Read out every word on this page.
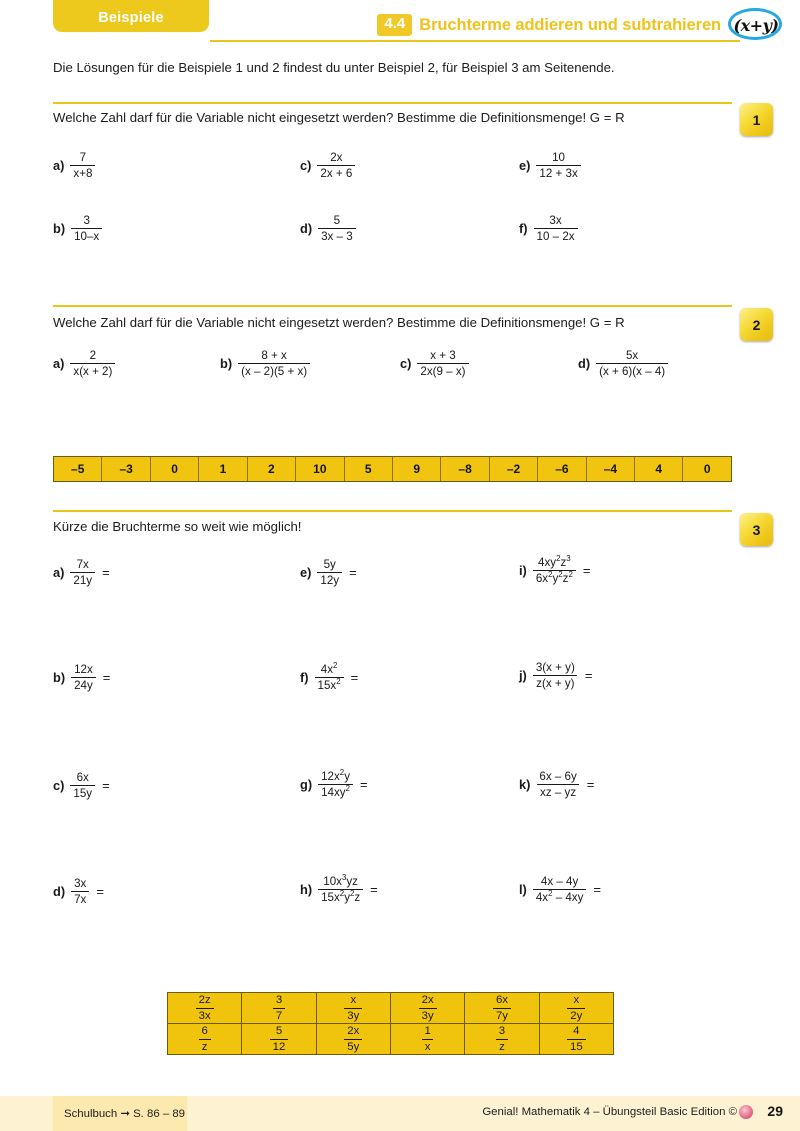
Beispiele	4.4 Bruchterme addieren und subtrahieren (x+y)
Die Lösungen für die Beispiele 1 und 2 findest du unter Beispiel 2, für Beispiel 3 am Seitenende.
Welche Zahl darf für die Variable nicht eingesetzt werden? Bestimme die Definitionsmenge! G = R	1
$a) \frac{7}{x+8}$	$c) \frac{2x}{2x + 6}$	$e) \frac{10}{12 + 3x}$
$b) \frac{3}{10-x}$	$d) \frac{5}{3x - 3}$	$f) \frac{3x}{10 - 2x}$
Welche Zahl darf für die Variable nicht eingesetzt werden? Bestimme die Definitionsmenge! G = R	2
$a) \frac{2}{x(x + 2)}$	$b) \frac{8 + x}{(x - 2)(5 + x)}$	$c) \frac{x + 3}{2x(9 - x)}$	$d) \frac{5x}{(x + 6)(x - 4)}$
–5	–3	0	1	2	10	5	9	–8	–2	–6	–4	4	0
Kürze die Bruchterme so weit wie möglich!	3
$a) \frac{7x}{21y}$ =	$e) \frac{5y}{12y}$ =	$i) \frac{4xy^2z^3}{6x^2y^2z^2}$ =
$b) \frac{12x}{24y}$ =	$f) \frac{4x^2}{15x^2}$ =	$j) \frac{3(x + y)}{z(x + y)}$ =
$c) \frac{6x}{15y}$ =	$g) \frac{12x^2y}{14xy^2}$ =	$k) \frac{6x - 6y}{xz - yz}$ =
$d) \frac{3x}{7x}$ =	$h) \frac{10x^3yz}{15x^2y^2z}$ =	$l) \frac{4x - 4y}{4x^2 - 4xy}$ =
$\frac{2z}{3x}$	$\frac{3}{7}$	$\frac{x}{3y}$	$\frac{2x}{3y}$	$\frac{6x}{7y}$	$\frac{x}{2y}$

$\frac{6}{z}$	$\frac{5}{12}$	$\frac{2x}{5y}$	$\frac{1}{x}$	$\frac{3}{z}$	$\frac{4}{15}$
Schulbuch ➞ S. 86 – 89	Genial! Mathematik 4 – Übungsteil Basic Edition © 29
